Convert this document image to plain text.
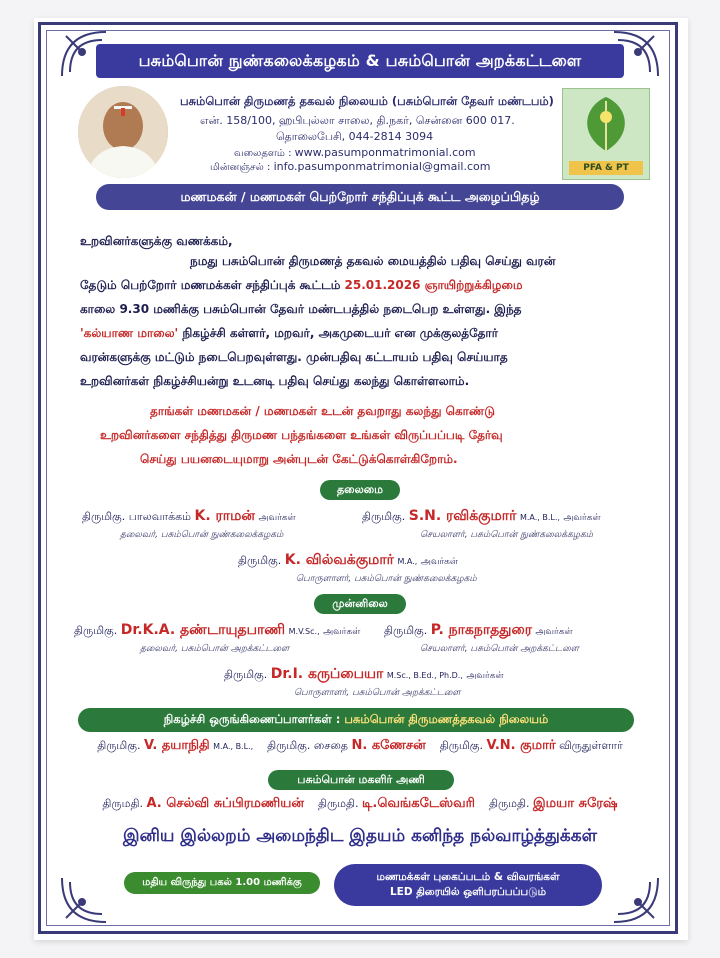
பசும்பொன் நுண்கலைக்கழகம் & பசும்பொன் அறக்கட்டளை
பசும்பொன் திருமணத் தகவல் நிலையம் (பசும்பொன் தேவர் மண்டபம்)
என். 158/100, ஹபிபுல்லா சாலை, தி.நகர், சென்னை 600 017.
தொலைபேசி, 044-2814 3094
வலைதளம் : www.pasumponmatrimonial.com
மின்னஞ்சல் : info.pasumponmatrimonial@gmail.com	PFA & PT
மணமகன் / மணமகள் பெற்றோர் சந்திப்புக் கூட்ட அழைப்பிதழ்
உறவினர்களுக்கு வணக்கம்,
நமது பசும்பொன் திருமணத் தகவல் மையத்தில் பதிவு செய்து வரன்
தேடும் பெற்றோர் மணமக்கள் சந்திப்புக் கூட்டம் 25.01.2026 ஞாயிற்றுக்கிழமை
காலை 9.30 மணிக்கு பசும்பொன் தேவர் மண்டபத்தில் நடைபெற உள்ளது. இந்த
'கல்யாண மாலை' நிகழ்ச்சி கள்ளர், மறவர், அகமுடையர் என முக்குலத்தோர்
வரன்களுக்கு மட்டும் நடைபெறவுள்ளது. முன்பதிவு கட்டாயம் பதிவு செய்யாத
உறவினர்கள் நிகழ்ச்சியன்று உடனடி பதிவு செய்து கலந்து கொள்ளலாம்.
தாங்கள் மணமகன் / மணமகள் உடன் தவறாது கலந்து கொண்டு
உறவினர்களை சந்தித்து திருமண பந்தங்களை உங்கள் விருப்பப்படி தேர்வு
செய்து பயனடையுமாறு அன்புடன் கேட்டுக்கொள்கிறோம்.
தலைமை
திருமிகு. பாலவாக்கம் K. ராமன் அவர்கள்
தலைவர், பசும்பொன் நுண்கலைக்கழகம்
திருமிகு. S.N. ரவிக்குமார் M.A., B.L., அவர்கள்
செயலாளர், பசும்பொன் நுண்கலைக்கழகம்
திருமிகு. K. வில்வக்குமார் M.A., அவர்கள்
பொருளாளர், பசும்பொன் நுண்கலைக்கழகம்
முன்னிலை
திருமிகு. Dr.K.A. தண்டாயுதபாணி M.V.Sc., அவர்கள்
தலைவர், பசும்பொன் அறக்கட்டளை
திருமிகு. P. நாகநாததுரை அவர்கள்
செயலாளர், பசும்பொன் அறக்கட்டளை
திருமிகு. Dr.I. கருப்பையா M.Sc., B.Ed., Ph.D., அவர்கள்
பொருளாளர், பசும்பொன் அறக்கட்டளை
நிகழ்ச்சி ஒருங்கிணைப்பாளர்கள் : பசும்பொன் திருமணத்தகவல் நிலையம்
திருமிகு. V. தயாநிதி M.A., B.L., திருமிகு. சைதை N. கணேசன் திருமிகு. V.N. குமார் விருதுள்ளார்
பசும்பொன் மகளிர் அணி
திருமதி. A. செல்வி சுப்பிரமணியன் திருமதி. டி.வெங்கடேஸ்வரி திருமதி. இமயா சுரேஷ்
இனிய இல்லறம் அமைந்திட இதயம் கனிந்த நல்வாழ்த்துக்கள்
மதிய விருந்து பகல் 1.00 மணிக்கு	மணமக்கள் புகைப்படம் & விவரங்கள்
LED திரையில் ஒளிபரப்பப்படும்
